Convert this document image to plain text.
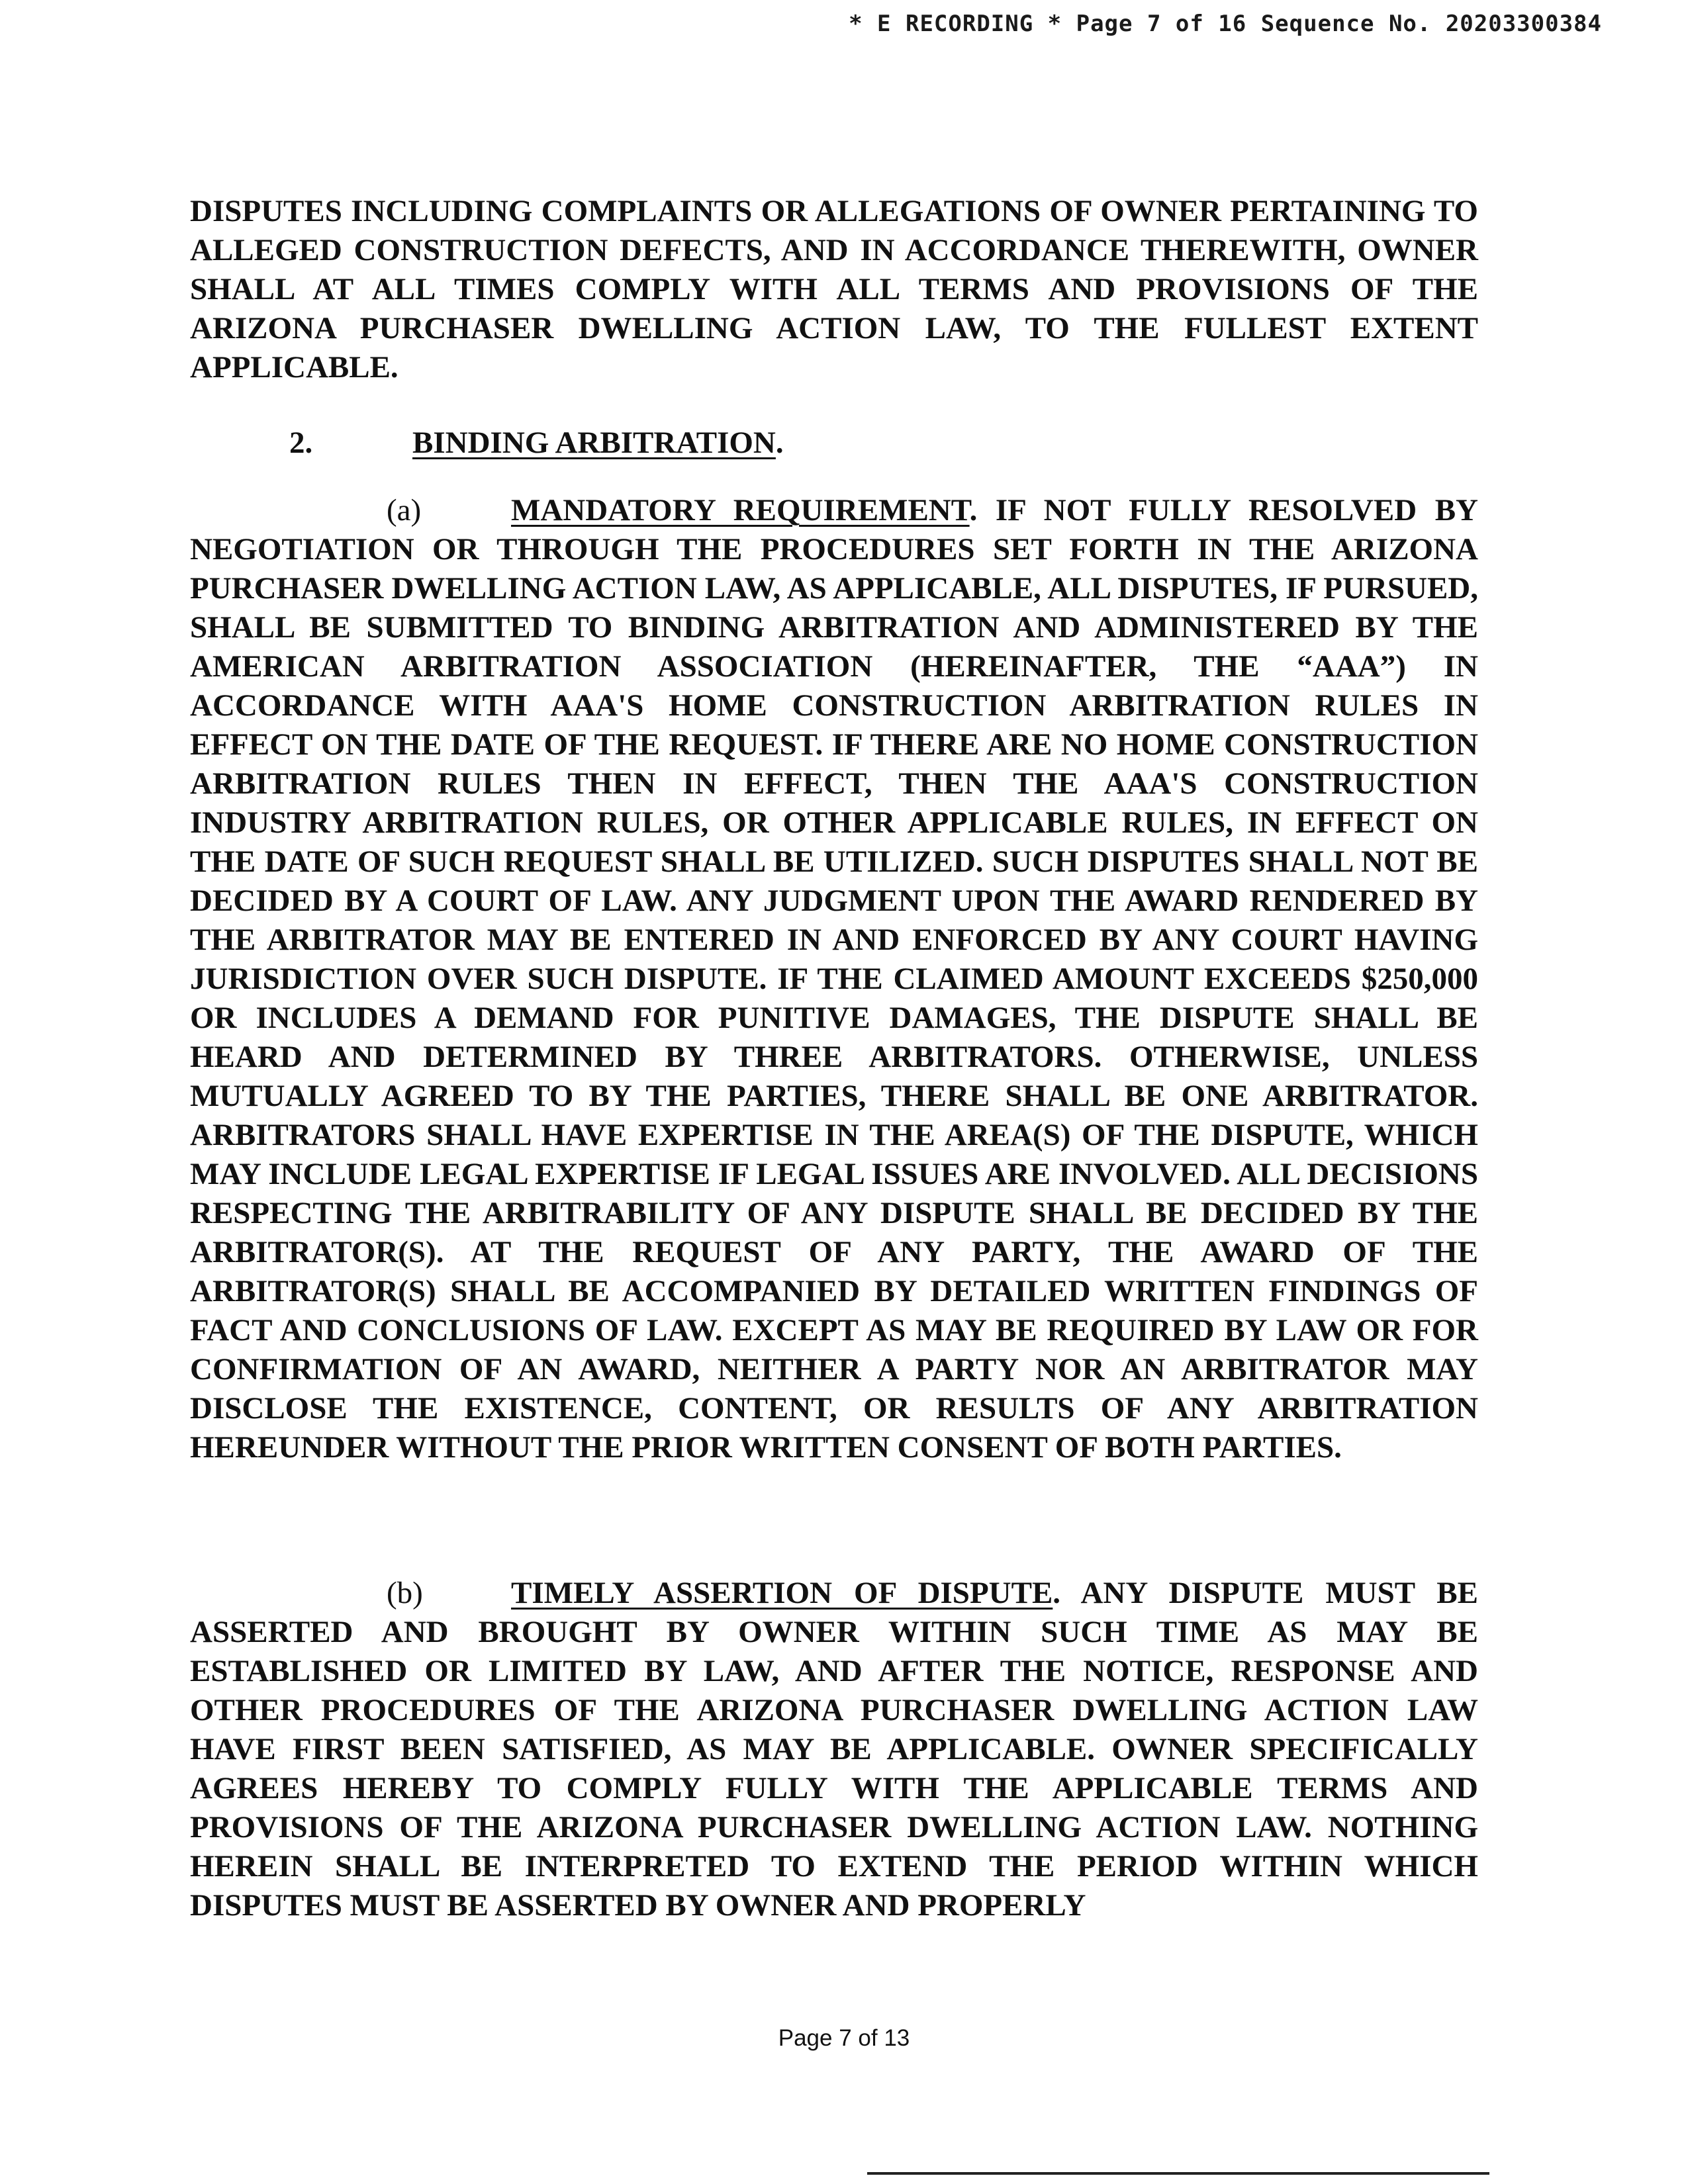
* E RECORDING * Page 7 of 16 Sequence No. 20203300384
DISPUTES INCLUDING COMPLAINTS OR ALLEGATIONS OF OWNER PERTAINING TO ALLEGED CONSTRUCTION DEFECTS, AND IN ACCORDANCE THEREWITH, OWNER SHALL AT ALL TIMES COMPLY WITH ALL TERMS AND PROVISIONS OF THE ARIZONA PURCHASER DWELLING ACTION LAW, TO THE FULLEST EXTENT APPLICABLE.
2.	BINDING ARBITRATION.
(a)	MANDATORY REQUIREMENT. IF NOT FULLY RESOLVED BY NEGOTIATION OR THROUGH THE PROCEDURES SET FORTH IN THE ARIZONA PURCHASER DWELLING ACTION LAW, AS APPLICABLE, ALL DISPUTES, IF PURSUED, SHALL BE SUBMITTED TO BINDING ARBITRATION AND ADMINISTERED BY THE AMERICAN ARBITRATION ASSOCIATION (HEREINAFTER, THE “AAA”) IN ACCORDANCE WITH AAA'S HOME CONSTRUCTION ARBITRATION RULES IN EFFECT ON THE DATE OF THE REQUEST. IF THERE ARE NO HOME CONSTRUCTION ARBITRATION RULES THEN IN EFFECT, THEN THE AAA'S CONSTRUCTION INDUSTRY ARBITRATION RULES, OR OTHER APPLICABLE RULES, IN EFFECT ON THE DATE OF SUCH REQUEST SHALL BE UTILIZED. SUCH DISPUTES SHALL NOT BE DECIDED BY A COURT OF LAW. ANY JUDGMENT UPON THE AWARD RENDERED BY THE ARBITRATOR MAY BE ENTERED IN AND ENFORCED BY ANY COURT HAVING JURISDICTION OVER SUCH DISPUTE. IF THE CLAIMED AMOUNT EXCEEDS $250,000 OR INCLUDES A DEMAND FOR PUNITIVE DAMAGES, THE DISPUTE SHALL BE HEARD AND DETERMINED BY THREE ARBITRATORS. OTHERWISE, UNLESS MUTUALLY AGREED TO BY THE PARTIES, THERE SHALL BE ONE ARBITRATOR. ARBITRATORS SHALL HAVE EXPERTISE IN THE AREA(S) OF THE DISPUTE, WHICH MAY INCLUDE LEGAL EXPERTISE IF LEGAL ISSUES ARE INVOLVED. ALL DECISIONS RESPECTING THE ARBITRABILITY OF ANY DISPUTE SHALL BE DECIDED BY THE ARBITRATOR(S). AT THE REQUEST OF ANY PARTY, THE AWARD OF THE ARBITRATOR(S) SHALL BE ACCOMPANIED BY DETAILED WRITTEN FINDINGS OF FACT AND CONCLUSIONS OF LAW. EXCEPT AS MAY BE REQUIRED BY LAW OR FOR CONFIRMATION OF AN AWARD, NEITHER A PARTY NOR AN ARBITRATOR MAY DISCLOSE THE EXISTENCE, CONTENT, OR RESULTS OF ANY ARBITRATION HEREUNDER WITHOUT THE PRIOR WRITTEN CONSENT OF BOTH PARTIES.
(b)	TIMELY ASSERTION OF DISPUTE. ANY DISPUTE MUST BE ASSERTED AND BROUGHT BY OWNER WITHIN SUCH TIME AS MAY BE ESTABLISHED OR LIMITED BY LAW, AND AFTER THE NOTICE, RESPONSE AND OTHER PROCEDURES OF THE ARIZONA PURCHASER DWELLING ACTION LAW HAVE FIRST BEEN SATISFIED, AS MAY BE APPLICABLE. OWNER SPECIFICALLY AGREES HEREBY TO COMPLY FULLY WITH THE APPLICABLE TERMS AND PROVISIONS OF THE ARIZONA PURCHASER DWELLING ACTION LAW. NOTHING HEREIN SHALL BE INTERPRETED TO EXTEND THE PERIOD WITHIN WHICH DISPUTES MUST BE ASSERTED BY OWNER AND PROPERLY
Page 7 of 13
